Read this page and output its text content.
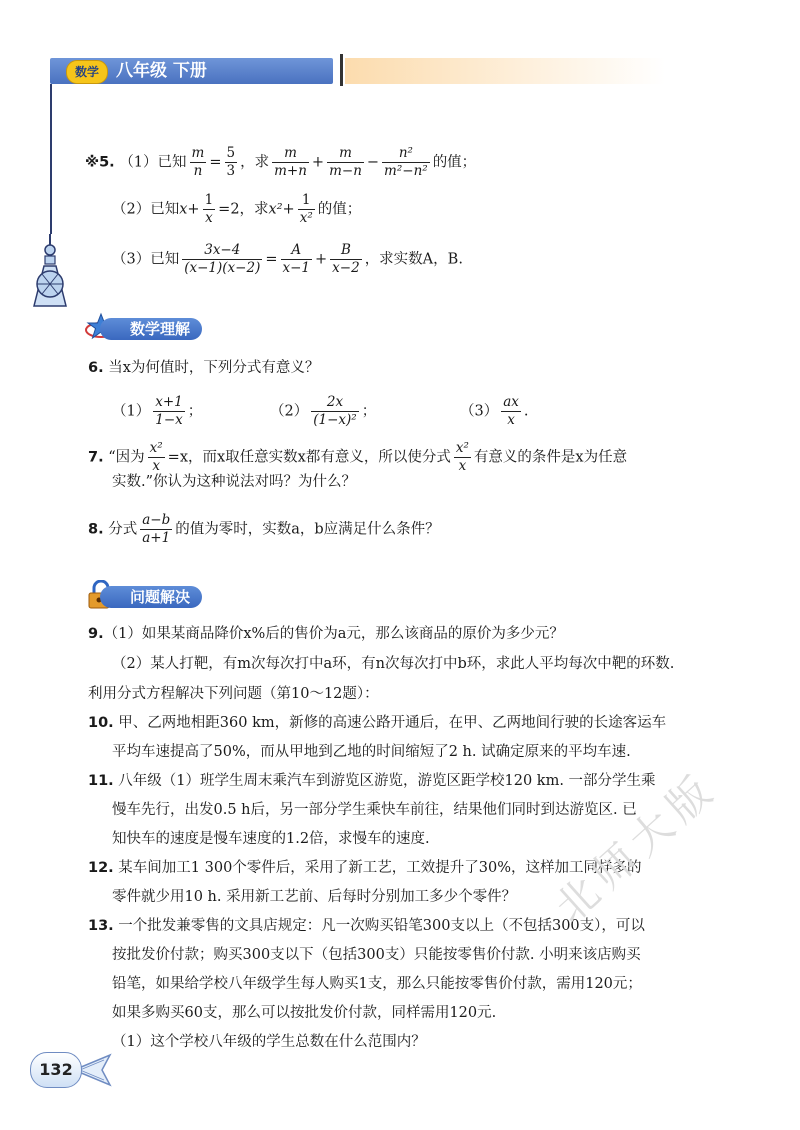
数学	八年级 下册
※5. （1）已知 $\frac{m}{n} = \frac{5}{3}$ ，求 $\frac{m}{m+n} + \frac{m}{m-n} - \frac{\text{n²}}{\text{m²−n²}}$ 的值；
（2）已知$x+ \frac{1}{x} =2$，求$x^2+ \frac{1}{\text{x²}}$ 的值；
（3）已知 $\frac{3x-4}{(x-1)(x-2)} = \frac{A}{x-1} + \frac{B}{x-2}$ ，求实数A，B.
数学理解
6. 当x为何值时，下列分式有意义？
$(1) \frac{x+1}{1-x}$ ；	$(2) \frac{2x}{\text{(1−x)²}}$ ；	$(3) \frac{ax}{x}$ .
7. “因为 $\frac{\text{x²}}{x} =x$，而x取任意实数x都有意义，所以使分式 $\frac{\text{x²}}{x}$ 有意义的条件是x为任意
实数.”你认为这种说法对吗？为什么？
8. 分式 $\frac{a-b}{a+1}$ 的值为零时，实数a，b应满足什么条件？
问题解决
9.（1）如果某商品降价x%后的售价为a元，那么该商品的原价为多少元？
（2）某人打靶，有m次每次打中a环，有n次每次打中b环，求此人平均每次中靶的环数.
利用分式方程解决下列问题（第10～12题）：
10. 甲、乙两地相距360 km，新修的高速公路开通后，在甲、乙两地间行驶的长途客运车
平均车速提高了50%，而从甲地到乙地的时间缩短了2 h. 试确定原来的平均车速.
11. 八年级（1）班学生周末乘汽车到游览区游览，游览区距学校120 km. 一部分学生乘
慢车先行，出发0.5 h后，另一部分学生乘快车前往，结果他们同时到达游览区. 已
知快车的速度是慢车速度的1.2倍，求慢车的速度.
12. 某车间加工1 300个零件后，采用了新工艺，工效提升了30%，这样加工同样多的
零件就少用10 h. 采用新工艺前、后每时分别加工多少个零件？
13. 一个批发兼零售的文具店规定：凡一次购买铅笔300支以上（不包括300支），可以
按批发价付款；购买300支以下（包括300支）只能按零售价付款. 小明来该店购买
铅笔，如果给学校八年级学生每人购买1支，那么只能按零售价付款，需用120元；
如果多购买60支，那么可以按批发价付款，同样需用120元.
（1）这个学校八年级的学生总数在什么范围内？
132
北师大版
